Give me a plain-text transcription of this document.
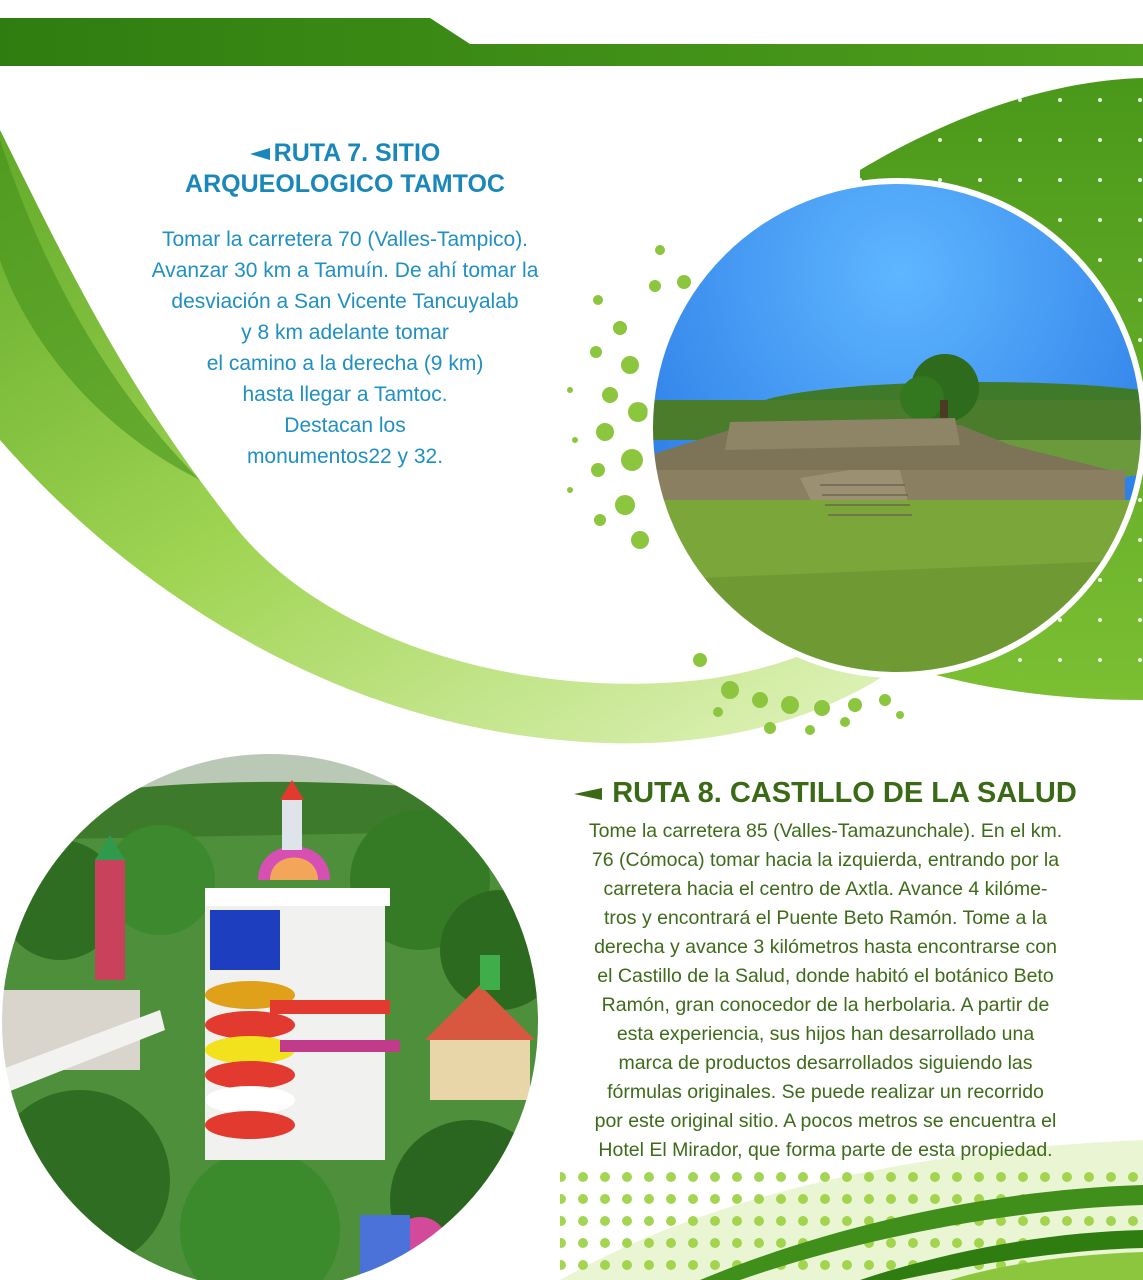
RUTA 7. SITIO
ARQUEOLOGICO TAMTOC
Tomar la carretera 70 (Valles-Tampico).
Avanzar 30 km a Tamuín. De ahí tomar la
desviación a San Vicente Tancuyalab
y 8 km adelante tomar
el camino a la derecha (9 km)
hasta llegar a Tamtoc.
Destacan los
monumentos22 y 32.
RUTA 8. CASTILLO DE LA SALUD
Tome la carretera 85 (Valles-Tamazunchale). En el km.
76 (Cómoca) tomar hacia la izquierda, entrando por la
carretera hacia el centro de Axtla. Avance 4 kilóme-
tros y encontrará el Puente Beto Ramón. Tome a la
derecha y avance 3 kilómetros hasta encontrarse con
el Castillo de la Salud, donde habitó el botánico Beto
Ramón, gran conocedor de la herbolaria. A partir de
esta experiencia, sus hijos han desarrollado una
marca de productos desarrollados siguiendo las
fórmulas originales. Se puede realizar un recorrido
por este original sitio. A pocos metros se encuentra el
Hotel El Mirador, que forma parte de esta propiedad.
